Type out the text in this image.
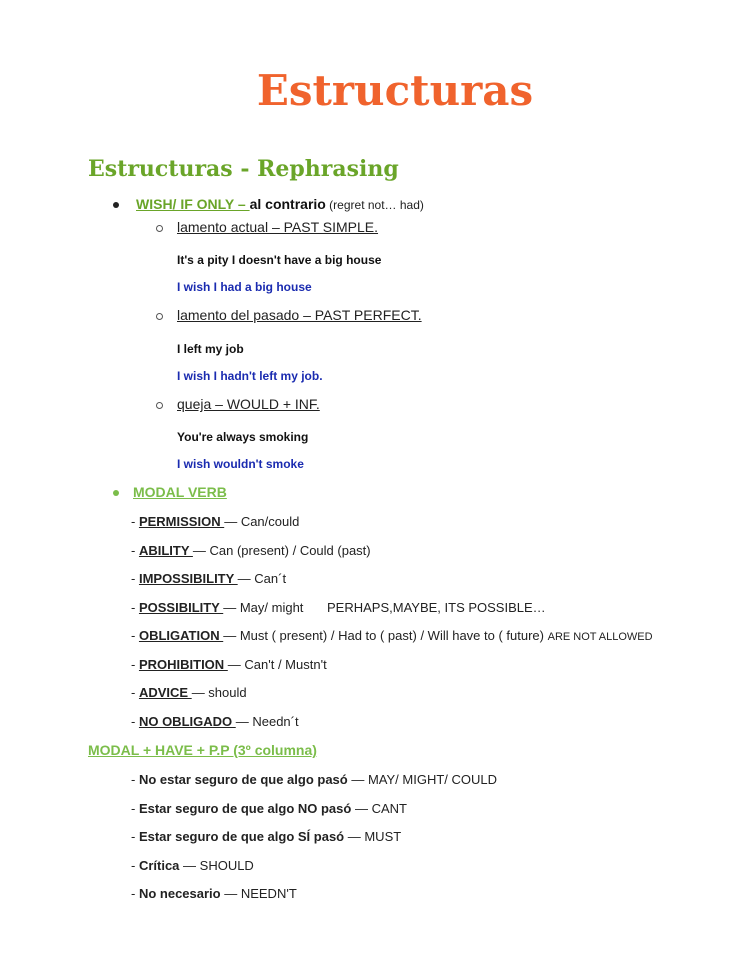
Estructuras
Estructuras - Rephrasing
WISH/ IF ONLY – al contrario (regret not… had)
lamento actual – PAST SIMPLE.
It's a pity I doesn't have a big house
I wish I had a big house
lamento del pasado – PAST PERFECT.
I left my job
I wish I hadn't left my job.
queja – WOULD + INF.
You're always smoking
I wish wouldn't smoke
MODAL VERB
- PERMISSION — Can/could
- ABILITY — Can (present) / Could (past)
- IMPOSSIBILITY — Can´t
- POSSIBILITY — May/ might PERHAPS,MAYBE, ITS POSSIBLE…
- OBLIGATION — Must ( present) / Had to ( past) / Will have to ( future) ARE NOT ALLOWED
- PROHIBITION — Can't / Mustn't
- ADVICE — should
- NO OBLIGADO — Needn´t
MODAL + HAVE + P.P (3º columna)
- No estar seguro de que algo pasó — MAY/ MIGHT/ COULD
- Estar seguro de que algo NO pasó — CANT
- Estar seguro de que algo SÍ pasó — MUST
- Crítica — SHOULD
- No necesario — NEEDN'T
